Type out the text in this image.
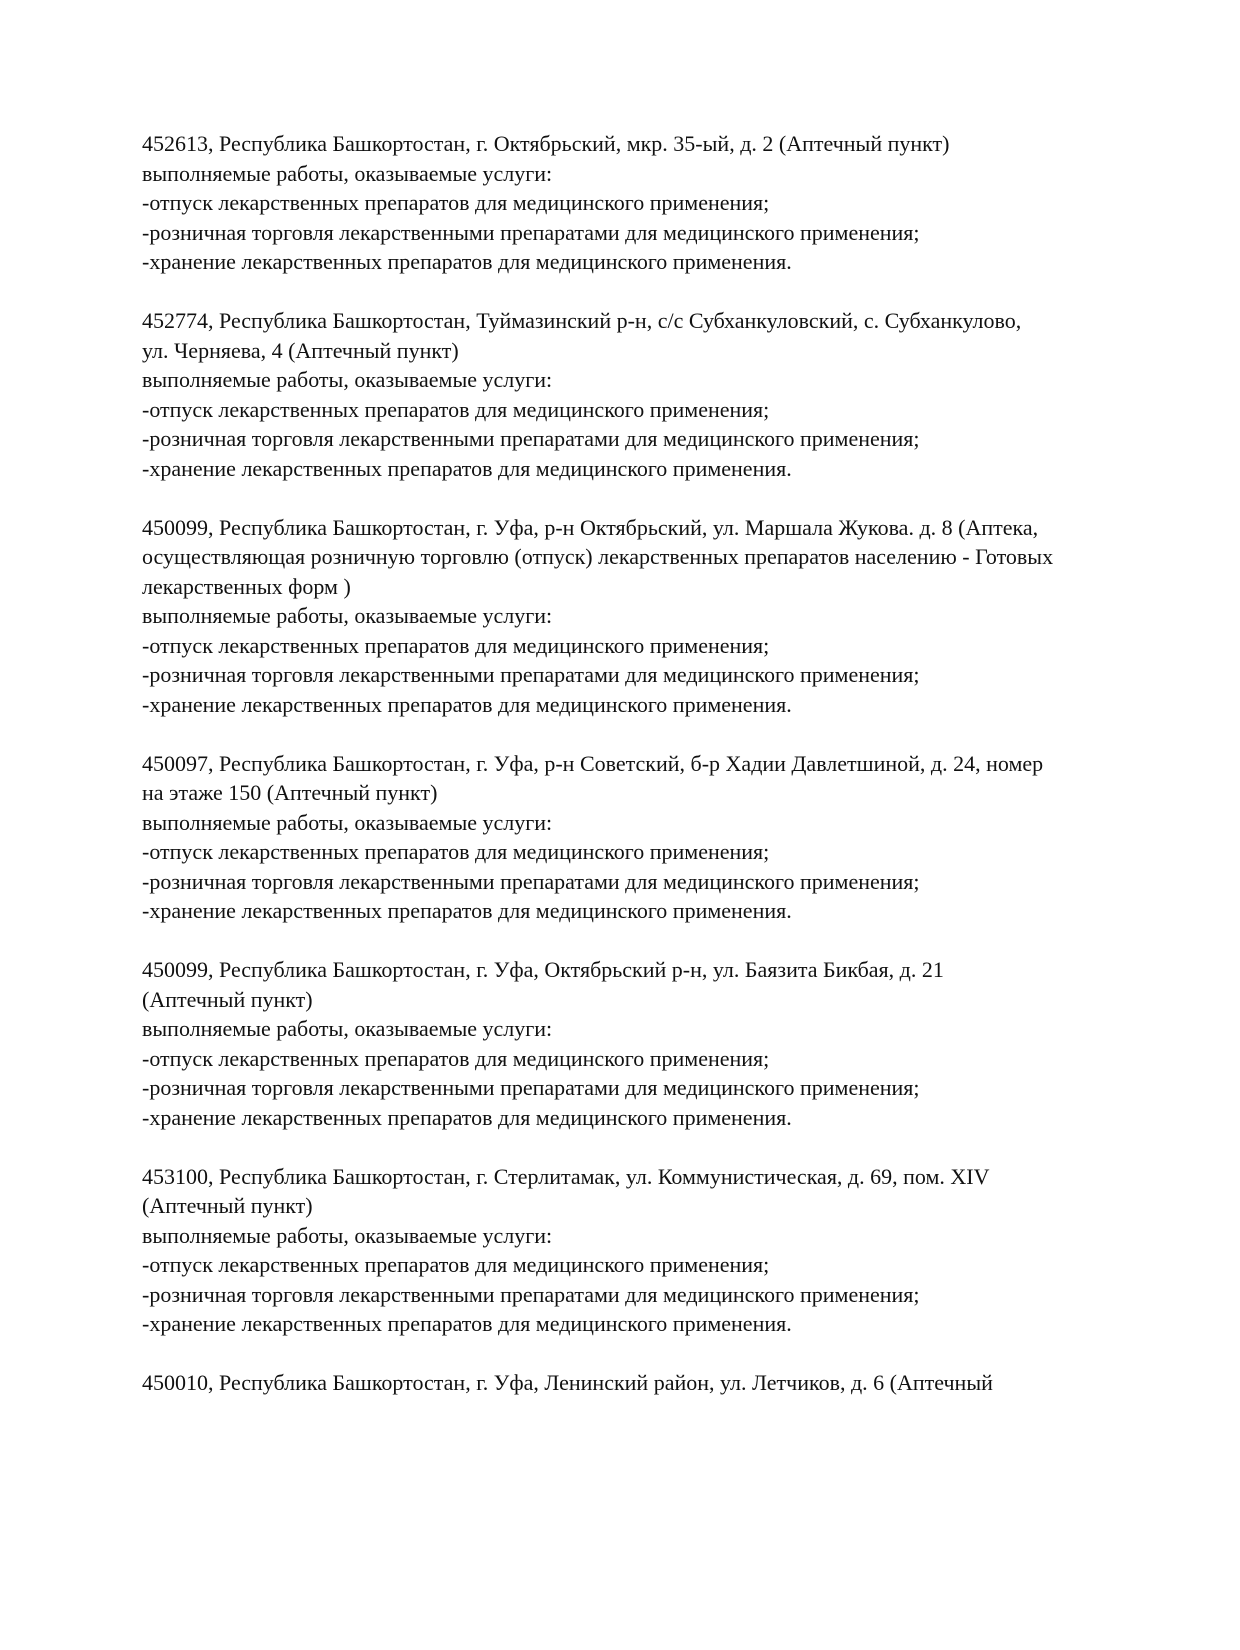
452613, Республика Башкортостан, г. Октябрьский, мкр. 35-ый, д. 2 (Аптечный пункт)

выполняемые работы, оказываемые услуги:

-отпуск лекарственных препаратов для медицинского применения;

-розничная торговля лекарственными препаратами для медицинского применения;

-хранение лекарственных препаратов для медицинского применения.

452774, Республика Башкортостан, Туймазинский р-н, с/с Субханкуловский, с. Субханкулово,
ул. Черняева, 4 (Аптечный пункт)

выполняемые работы, оказываемые услуги:

-отпуск лекарственных препаратов для медицинского применения;

-розничная торговля лекарственными препаратами для медицинского применения;

-хранение лекарственных препаратов для медицинского применения.

450099, Республика Башкортостан, г. Уфа, р-н Октябрьский, ул. Маршала Жукова. д. 8 (Аптека,
осуществляющая розничную торговлю (отпуск) лекарственных препаратов населению - Готовых
лекарственных форм )

выполняемые работы, оказываемые услуги:

-отпуск лекарственных препаратов для медицинского применения;

-розничная торговля лекарственными препаратами для медицинского применения;

-хранение лекарственных препаратов для медицинского применения.

450097, Республика Башкортостан, г. Уфа, р-н Советский, б-р Хадии Давлетшиной, д. 24, номер
на этаже 150 (Аптечный пункт)

выполняемые работы, оказываемые услуги:

-отпуск лекарственных препаратов для медицинского применения;

-розничная торговля лекарственными препаратами для медицинского применения;

-хранение лекарственных препаратов для медицинского применения.

450099, Республика Башкортостан, г. Уфа, Октябрьский р-н, ул. Баязита Бикбая, д. 21
(Аптечный пункт)

выполняемые работы, оказываемые услуги:

-отпуск лекарственных препаратов для медицинского применения;

-розничная торговля лекарственными препаратами для медицинского применения;

-хранение лекарственных препаратов для медицинского применения.

453100, Республика Башкортостан, г. Стерлитамак, ул. Коммунистическая, д. 69, пом. XIV
(Аптечный пункт)

выполняемые работы, оказываемые услуги:

-отпуск лекарственных препаратов для медицинского применения;

-розничная торговля лекарственными препаратами для медицинского применения;

-хранение лекарственных препаратов для медицинского применения.

450010, Республика Башкортостан, г. Уфа, Ленинский район, ул. Летчиков, д. 6 (Аптечный
